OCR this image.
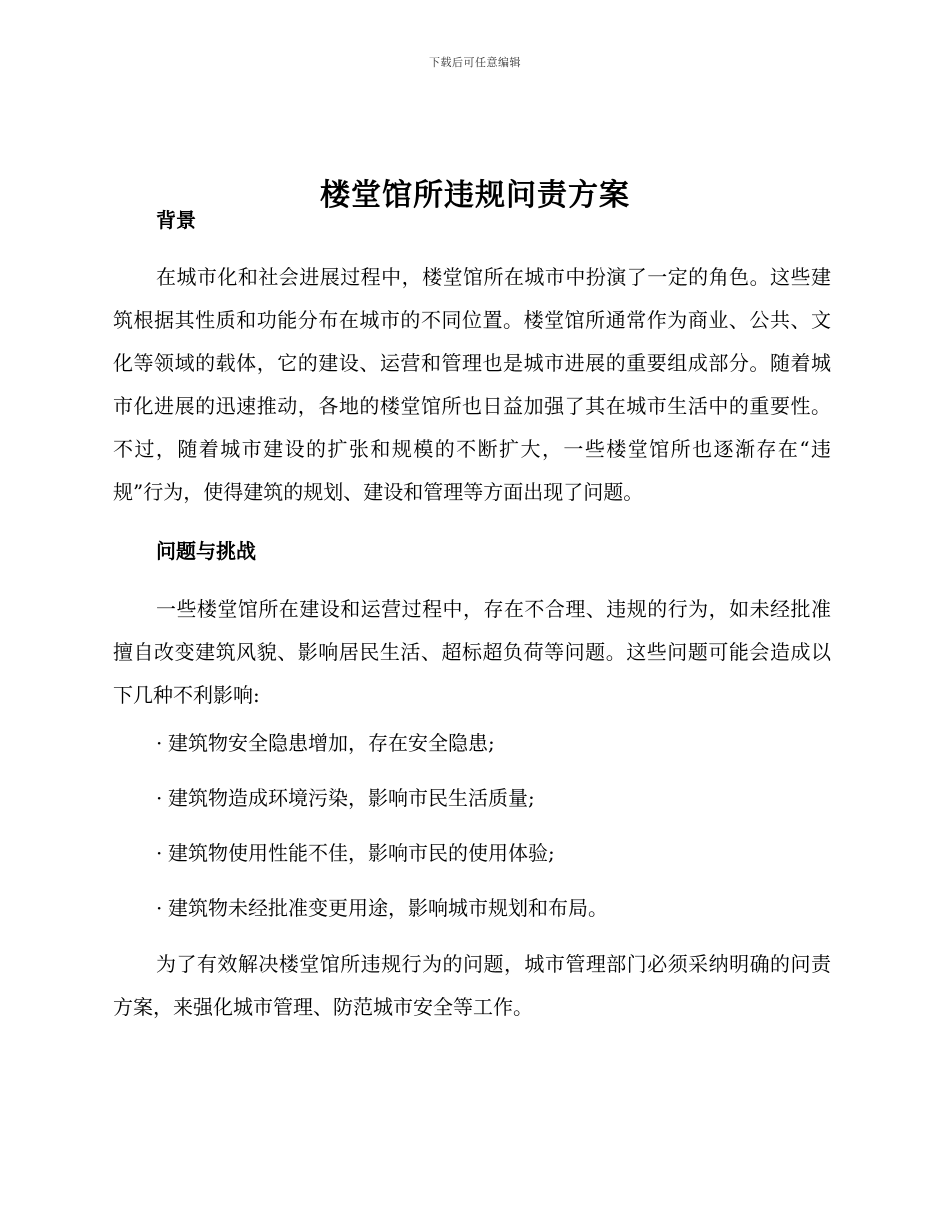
下载后可任意编辑
楼堂馆所违规问责方案
背景

在城市化和社会进展过程中，楼堂馆所在城市中扮演了一定的角色。这些建筑根据其性质和功能分布在城市的不同位置。楼堂馆所通常作为商业、公共、文化等领域的载体，它的建设、运营和管理也是城市进展的重要组成部分。随着城市化进展的迅速推动，各地的楼堂馆所也日益加强了其在城市生活中的重要性。不过，随着城市建设的扩张和规模的不断扩大，一些楼堂馆所也逐渐存在“违规”行为，使得建筑的规划、建设和管理等方面出现了问题。

问题与挑战

一些楼堂馆所在建设和运营过程中，存在不合理、违规的行为，如未经批准擅自改变建筑风貌、影响居民生活、超标超负荷等问题。这些问题可能会造成以下几种不利影响:

· 建筑物安全隐患增加，存在安全隐患;
· 建筑物造成环境污染，影响市民生活质量;
· 建筑物使用性能不佳，影响市民的使用体验;
· 建筑物未经批准变更用途，影响城市规划和布局。

为了有效解决楼堂馆所违规行为的问题，城市管理部门必须采纳明确的问责方案，来强化城市管理、防范城市安全等工作。
